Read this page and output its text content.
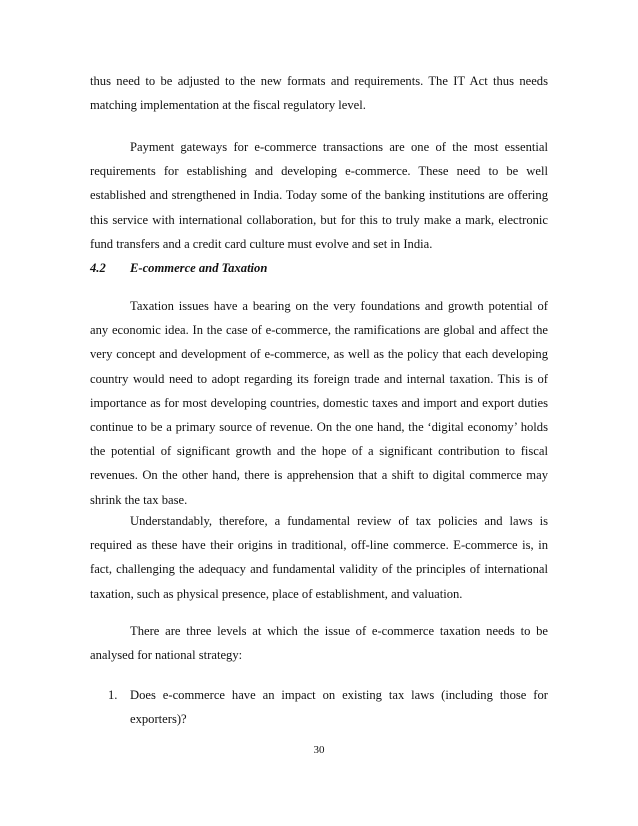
thus need to be adjusted to the new formats and requirements. The IT Act thus needs matching implementation at the fiscal regulatory level.

Payment gateways for e-commerce transactions are one of the most essential requirements for establishing and developing e-commerce. These need to be well established and strengthened in India. Today some of the banking institutions are offering this service with international collaboration, but for this to truly make a mark, electronic fund transfers and a credit card culture must evolve and set in India.

4.2 E-commerce and Taxation

Taxation issues have a bearing on the very foundations and growth potential of any economic idea. In the case of e-commerce, the ramifications are global and affect the very concept and development of e-commerce, as well as the policy that each developing country would need to adopt regarding its foreign trade and internal taxation. This is of importance as for most developing countries, domestic taxes and import and export duties continue to be a primary source of revenue. On the one hand, the ‘digital economy’ holds the potential of significant growth and the hope of a significant contribution to fiscal revenues. On the other hand, there is apprehension that a shift to digital commerce may shrink the tax base.

Understandably, therefore, a fundamental review of tax policies and laws is required as these have their origins in traditional, off-line commerce. E-commerce is, in fact, challenging the adequacy and fundamental validity of the principles of international taxation, such as physical presence, place of establishment, and valuation.

There are three levels at which the issue of e-commerce taxation needs to be analysed for national strategy:

1. Does e-commerce have an impact on existing tax laws (including those for exporters)?
30
